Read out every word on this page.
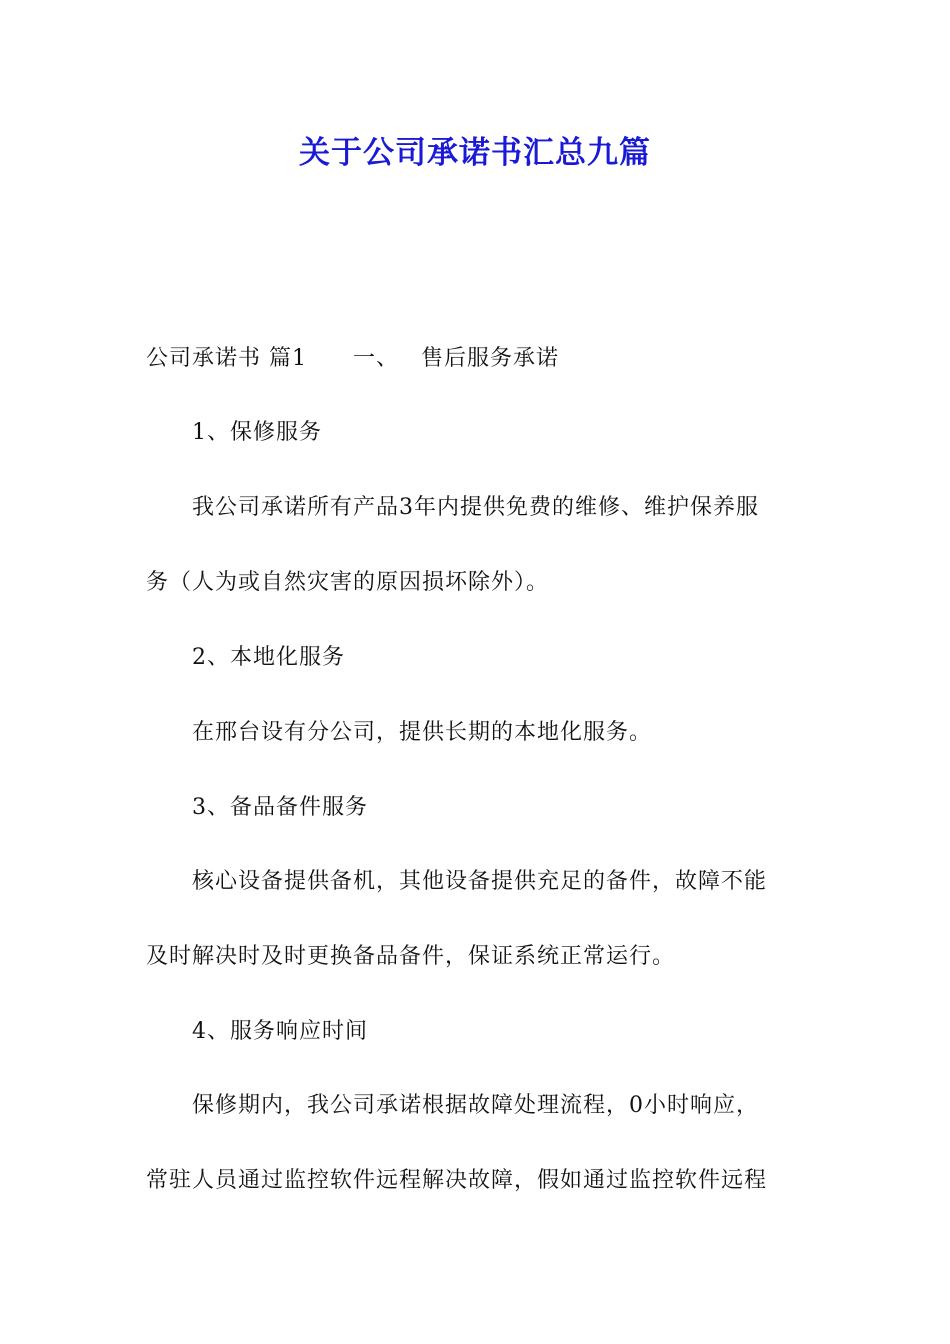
关于公司承诺书汇总九篇
公司承诺书 篇1 一、 售后服务承诺
1、保修服务
我公司承诺所有产品3年内提供免费的维修、维护保养服
务（人为或自然灾害的原因损坏除外）。
2、本地化服务
在邢台设有分公司，提供长期的本地化服务。
3、备品备件服务
核心设备提供备机，其他设备提供充足的备件，故障不能
及时解决时及时更换备品备件，保证系统正常运行。
4、服务响应时间
保修期内，我公司承诺根据故障处理流程，0小时响应，
常驻人员通过监控软件远程解决故障，假如通过监控软件远程
